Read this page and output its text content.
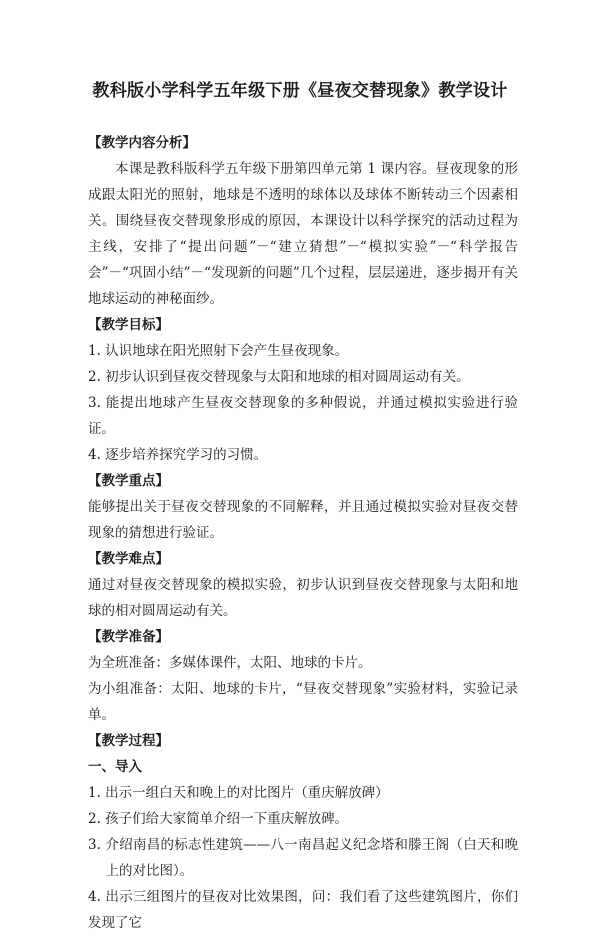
教科版小学科学五年级下册《昼夜交替现象》教学设计

【教学内容分析】

本课是教科版科学五年级下册第四单元第 1 课内容。昼夜现象的形成跟太阳光的照射，地球是不透明的球体以及球体不断转动三个因素相关。围绕昼夜交替现象形成的原因，本课设计以科学探究的活动过程为主线，安排了“提出问题”－“建立猜想”－“模拟实验”－“科学报告会”－“巩固小结”－“发现新的问题”几个过程，层层递进，逐步揭开有关地球运动的神秘面纱。

【教学目标】

1. 认识地球在阳光照射下会产生昼夜现象。

2. 初步认识到昼夜交替现象与太阳和地球的相对圆周运动有关。

3. 能提出地球产生昼夜交替现象的多种假说，并通过模拟实验进行验证。

4. 逐步培养探究学习的习惯。

【教学重点】

能够提出关于昼夜交替现象的不同解释，并且通过模拟实验对昼夜交替现象的猜想进行验证。

【教学难点】

通过对昼夜交替现象的模拟实验，初步认识到昼夜交替现象与太阳和地球的相对圆周运动有关。

【教学准备】

为全班准备：多媒体课件，太阳、地球的卡片。

为小组准备：太阳、地球的卡片，“昼夜交替现象”实验材料，实验记录单。

【教学过程】

一、导入

1. 出示一组白天和晚上的对比图片（重庆解放碑）

2. 孩子们给大家简单介绍一下重庆解放碑。

3. 介绍南昌的标志性建筑——八一南昌起义纪念塔和滕王阁（白天和晚上的对比图）。

4. 出示三组图片的昼夜对比效果图，问：我们看了这些建筑图片，你们发现了它
